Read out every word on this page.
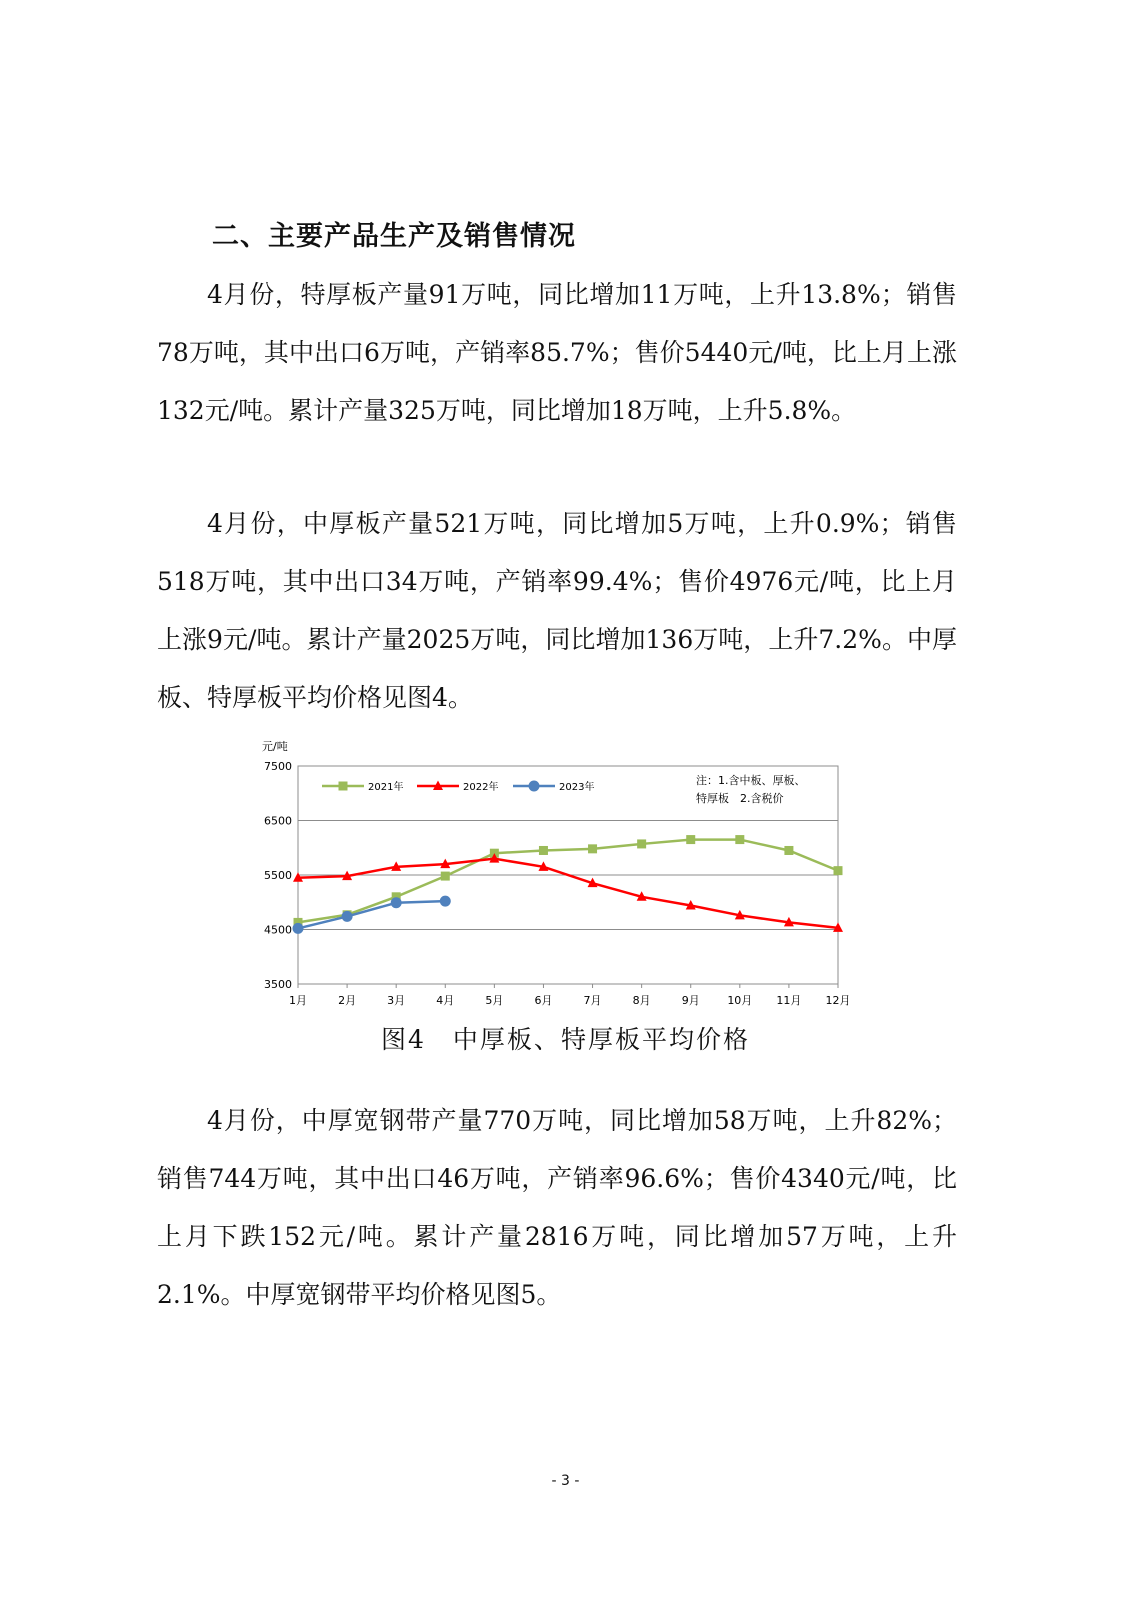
二、主要产品生产及销售情况

4月份，特厚板产量91万吨，同比增加11万吨，上升13.8%；销售78万吨，其中出口6万吨，产销率85.7%；售价5440元/吨，比上月上涨132元/吨。累计产量325万吨，同比增加18万吨，上升5.8%。

4月份，中厚板产量521万吨，同比增加5万吨，上升0.9%；销售518万吨，其中出口34万吨，产销率99.4%；售价4976元/吨，比上月上涨9元/吨。累计产量2025万吨，同比增加136万吨，上升7.2%。中厚板、特厚板平均价格见图4。

3500
4500
5500
6500
7500
元/吨
1月	2月	3月	4月	5月	6月	7月	8月	9月	10月 11月 12月
2021年	2022年	2023年
注：1.含中板、厚板、
特厚板　2.含税价
图4　中厚板、特厚板平均价格

4月份，中厚宽钢带产量770万吨，同比增加58万吨，上升82%；销售744万吨，其中出口46万吨，产销率96.6%；售价4340元/吨，比上月下跌152元/吨。累计产量2816万吨，同比增加57万吨，上升2.1%。中厚宽钢带平均价格见图5。

- 3 -
